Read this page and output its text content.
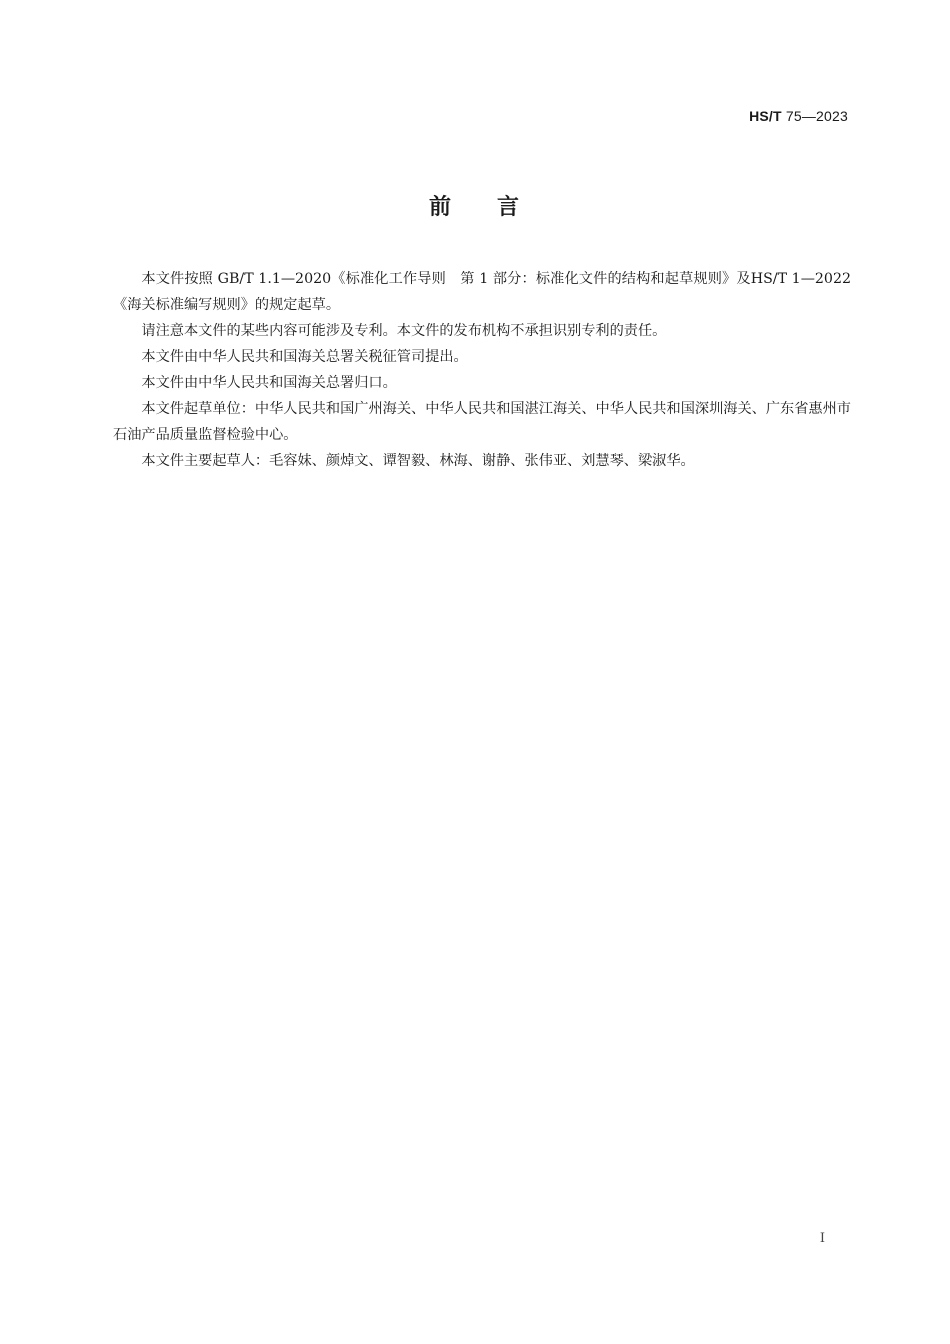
HS/T 75—2023
前 言

本文件按照 GB/T 1.1—2020《标准化工作导则　第 1 部分：标准化文件的结构和起草规则》及HS/T 1—2022《海关标准编写规则》的规定起草。

请注意本文件的某些内容可能涉及专利。本文件的发布机构不承担识别专利的责任。

本文件由中华人民共和国海关总署关税征管司提出。

本文件由中华人民共和国海关总署归口。

本文件起草单位：中华人民共和国广州海关、中华人民共和国湛江海关、中华人民共和国深圳海关、广东省惠州市石油产品质量监督检验中心。

本文件主要起草人：毛容妹、颜焯文、谭智毅、林海、谢静、张伟亚、刘慧琴、梁淑华。

I
